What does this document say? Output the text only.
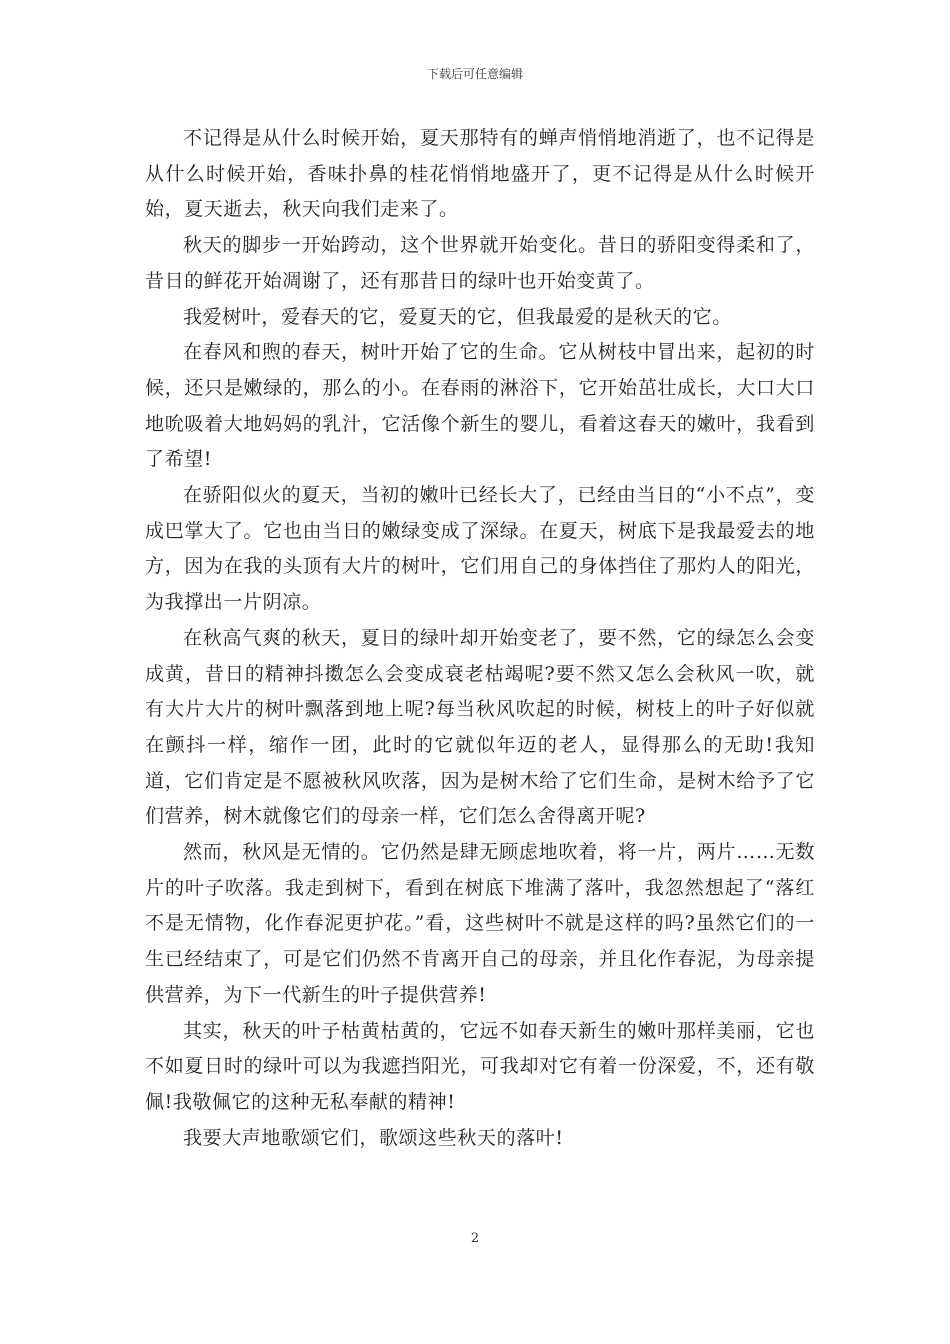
下载后可任意编辑

不记得是从什么时候开始，夏天那特有的蝉声悄悄地消逝了，也不记得是从什么时候开始，香味扑鼻的桂花悄悄地盛开了，更不记得是从什么时候开始，夏天逝去，秋天向我们走来了。

秋天的脚步一开始跨动，这个世界就开始变化。昔日的骄阳变得柔和了，昔日的鲜花开始凋谢了，还有那昔日的绿叶也开始变黄了。

我爱树叶，爱春天的它，爱夏天的它，但我最爱的是秋天的它。

在春风和煦的春天，树叶开始了它的生命。它从树枝中冒出来，起初的时候，还只是嫩绿的，那么的小。在春雨的淋浴下，它开始茁壮成长，大口大口地吮吸着大地妈妈的乳汁，它活像个新生的婴儿，看着这春天的嫩叶，我看到了希望!

在骄阳似火的夏天，当初的嫩叶已经长大了，已经由当日的“小不点”，变成巴掌大了。它也由当日的嫩绿变成了深绿。在夏天，树底下是我最爱去的地方，因为在我的头顶有大片的树叶，它们用自己的身体挡住了那灼人的阳光，为我撑出一片阴凉。

在秋高气爽的秋天，夏日的绿叶却开始变老了，要不然，它的绿怎么会变成黄，昔日的精神抖擞怎么会变成衰老枯竭呢?要不然又怎么会秋风一吹，就有大片大片的树叶飘落到地上呢?每当秋风吹起的时候，树枝上的叶子好似就在颤抖一样，缩作一团，此时的它就似年迈的老人，显得那么的无助!我知道，它们肯定是不愿被秋风吹落，因为是树木给了它们生命，是树木给予了它们营养，树木就像它们的母亲一样，它们怎么舍得离开呢?

然而，秋风是无情的。它仍然是肆无顾虑地吹着，将一片，两片……无数片的叶子吹落。我走到树下，看到在树底下堆满了落叶，我忽然想起了“落红不是无情物，化作春泥更护花。”看，这些树叶不就是这样的吗?虽然它们的一生已经结束了，可是它们仍然不肯离开自己的母亲，并且化作春泥，为母亲提供营养，为下一代新生的叶子提供营养!

其实，秋天的叶子枯黄枯黄的，它远不如春天新生的嫩叶那样美丽，它也不如夏日时的绿叶可以为我遮挡阳光，可我却对它有着一份深爱，不，还有敬佩!我敬佩它的这种无私奉献的精神!

我要大声地歌颂它们，歌颂这些秋天的落叶!

2
